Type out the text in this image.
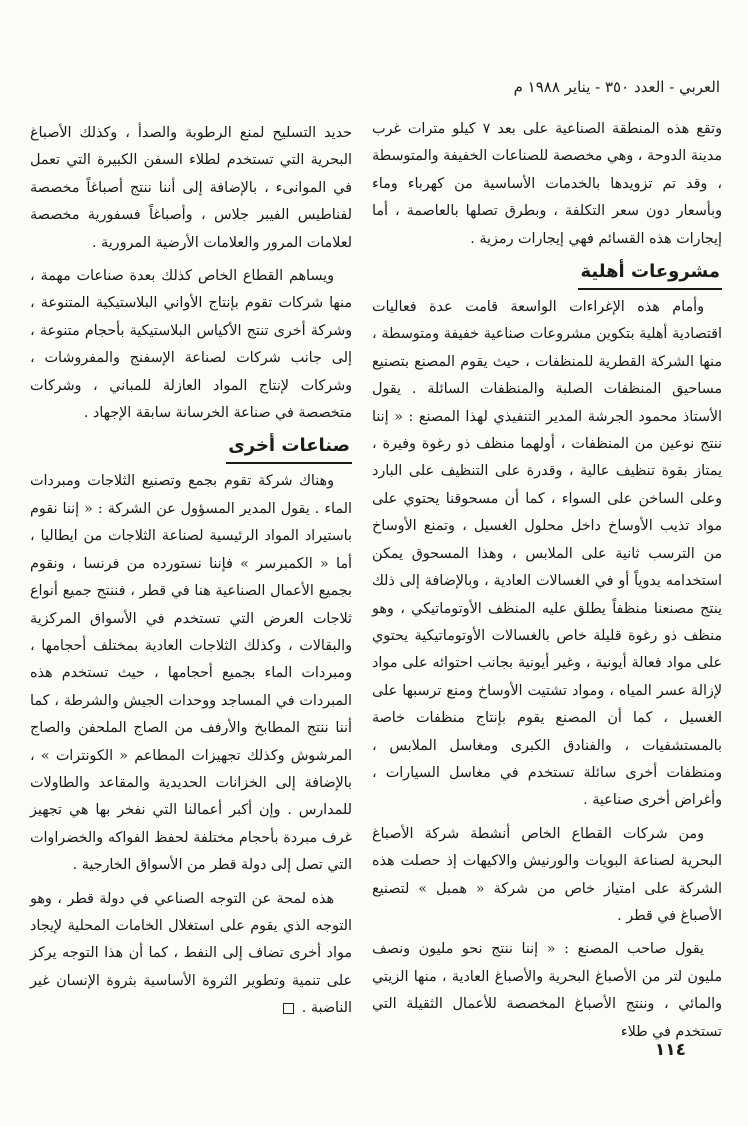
العربي - العدد ٣٥٠ - يناير ١٩٨٨ م

وتقع هذه المنطقة الصناعية على بعد ٧ كيلو مترات غرب مدينة الدوحة ، وهي مخصصة للصناعات الخفيفة والمتوسطة ، وقد تم تزويدها بالخدمات الأساسية من كهرباء وماء وبأسعار دون سعر التكلفة ، وبطرق تصلها بالعاصمة ، أما إيجارات هذه القسائم فهي إيجارات رمزية .

مشروعات أهلية

وأمام هذه الإغراءات الواسعة قامت عدة فعاليات اقتصادية أهلية بتكوين مشروعات صناعية خفيفة ومتوسطة ، منها الشركة القطرية للمنظفات ، حيث يقوم المصنع بتصنيع مساحيق المنظفات الصلبة والمنظفات السائلة . يقول الأستاذ محمود الجرشة المدير التنفيذي لهذا المصنع : « إننا ننتج نوعين من المنظفات ، أولهما منظف ذو رغوة وفيرة ، يمتاز بقوة تنظيف عالية ، وقدرة على التنظيف على البارد وعلى الساخن على السواء ، كما أن مسحوقنا يحتوي على مواد تذيب الأوساخ داخل محلول الغسيل ، وتمنع الأوساخ من الترسب ثانية على الملابس ، وهذا المسحوق يمكن استخدامه يدوياً أو في الغسالات العادية ، وبالإضافة إلى ذلك ينتج مصنعنا منظفاً يطلق عليه المنظف الأوتوماتيكي ، وهو منظف ذو رغوة قليلة خاص بالغسالات الأوتوماتيكية يحتوي على مواد فعالة أيونية ، وغير أيونية بجانب احتوائه على مواد لإزالة عسر المياه ، ومواد تشتيت الأوساخ ومنع ترسبها على الغسيل ، كما أن المصنع يقوم بإنتاج منظفات خاصة بالمستشفيات ، والفنادق الكبرى ومغاسل الملابس ، ومنظفات أخرى سائلة تستخدم في مغاسل السيارات ، وأغراض أخرى صناعية .

ومن شركات القطاع الخاص أنشطة شركة الأصباغ البحرية لصناعة البويات والورنيش والاكيهات إذ حصلت هذه الشركة على امتياز خاص من شركة « همبل » لتصنيع الأصباغ في قطر .

يقول صاحب المصنع : « إننا ننتج نحو مليون ونصف مليون لتر من الأصباغ البحرية والأصباغ العادية ، منها الزيتي والمائي ، وننتج الأصباغ المخصصة للأعمال الثقيلة التي تستخدم في طلاء

حديد التسليح لمنع الرطوبة والصدأ ، وكذلك الأصباغ البحرية التي تستخدم لطلاء السفن الكبيرة التي تعمل في الموانىء ، بالإضافة إلى أننا ننتج أصباغاً مخصصة لفناطيس الفيبر جلاس ، وأصباغاً فسفورية مخصصة لعلامات المرور والعلامات الأرضية المرورية .

ويساهم القطاع الخاص كذلك بعدة صناعات مهمة ، منها شركات تقوم بإنتاج الأواني البلاستيكية المتنوعة ، وشركة أخرى تنتج الأكياس البلاستيكية بأحجام متنوعة ، إلى جانب شركات لصناعة الإسفنج والمفروشات ، وشركات لإنتاج المواد العازلة للمباني ، وشركات متخصصة في صناعة الخرسانة سابقة الإجهاد .

صناعات أخرى

وهناك شركة تقوم بجمع وتصنيع الثلاجات ومبردات الماء . يقول المدير المسؤول عن الشركة : « إننا نقوم باستيراد المواد الرئيسية لصناعة الثلاجات من ايطاليا ، أما « الكمبرسر » فإننا نستورده من فرنسا ، ونقوم بجميع الأعمال الصناعية هنا في قطر ، فننتج جميع أنواع ثلاجات العرض التي تستخدم في الأسواق المركزية والبقالات ، وكذلك الثلاجات العادية بمختلف أحجامها ، ومبردات الماء بجميع أحجامها ، حيث تستخدم هذه المبردات في المساجد ووحدات الجيش والشرطة ، كما أننا ننتج المطابخ والأرفف من الصاج الملحفن والصاج المرشوش وكذلك تجهيزات المطاعم « الكونترات » ، بالإضافة إلى الخزانات الحديدية والمقاعد والطاولات للمدارس . وإن أكبر أعمالنا التي نفخر بها هي تجهيز غرف مبردة بأحجام مختلفة لحفظ الفواكه والخضراوات التي تصل إلى دولة قطر من الأسواق الخارجية .

هذه لمحة عن التوجه الصناعي في دولة قطر ، وهو التوجه الذي يقوم على استغلال الخامات المحلية لإيجاد مواد أخرى تضاف إلى النفط ، كما أن هذا التوجه يركز على تنمية وتطوير الثروة الأساسية بثروة الإنسان غير الناضبة .

١١٤
